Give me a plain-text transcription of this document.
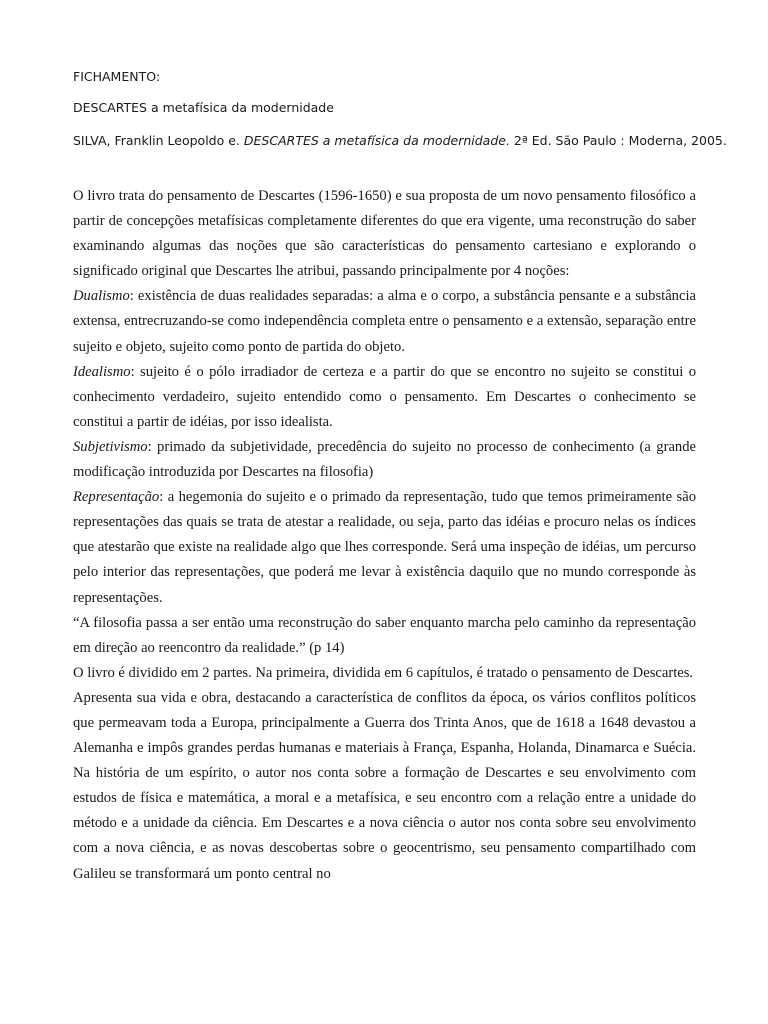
FICHAMENTO:

DESCARTES a metafísica da modernidade

SILVA, Franklin Leopoldo e. DESCARTES a metafísica da modernidade. 2ª Ed. São Paulo : Moderna, 2005.

O livro trata do pensamento de Descartes (1596-1650) e sua proposta de um novo pensamento filosófico a partir de concepções metafísicas completamente diferentes do que era vigente, uma reconstrução do saber examinando algumas das noções que são características do pensamento cartesiano e explorando o significado original que Descartes lhe atribui, passando principalmente por 4 noções:

Dualismo: existência de duas realidades separadas: a alma e o corpo, a substância pensante e a substância extensa, entrecruzando-se como independência completa entre o pensamento e a extensão, separação entre sujeito e objeto, sujeito como ponto de partida do objeto.

Idealismo: sujeito é o pólo irradiador de certeza e a partir do que se encontro no sujeito se constitui o conhecimento verdadeiro, sujeito entendido como o pensamento. Em Descartes o conhecimento se constitui a partir de idéias, por isso idealista.

Subjetivismo: primado da subjetividade, precedência do sujeito no processo de conhecimento (a grande modificação introduzida por Descartes na filosofia)

Representação: a hegemonia do sujeito e o primado da representação, tudo que temos primeiramente são representações das quais se trata de atestar a realidade, ou seja, parto das idéias e procuro nelas os índices que atestarão que existe na realidade algo que lhes corresponde. Será uma inspeção de idéias, um percurso pelo interior das representações, que poderá me levar à existência daquilo que no mundo corresponde às representações.

“A filosofia passa a ser então uma reconstrução do saber enquanto marcha pelo caminho da representação em direção ao reencontro da realidade.” (p 14)

O livro é dividido em 2 partes. Na primeira, dividida em 6 capítulos, é tratado o pensamento de Descartes.

Apresenta sua vida e obra, destacando a característica de conflitos da época, os vários conflitos políticos que permeavam toda a Europa, principalmente a Guerra dos Trinta Anos, que de 1618 a 1648 devastou a Alemanha e impôs grandes perdas humanas e materiais à França, Espanha, Holanda, Dinamarca e Suécia. Na história de um espírito, o autor nos conta sobre a formação de Descartes e seu envolvimento com estudos de física e matemática, a moral e a metafísica, e seu encontro com a relação entre a unidade do método e a unidade da ciência. Em Descartes e a nova ciência o autor nos conta sobre seu envolvimento com a nova ciência, e as novas descobertas sobre o geocentrismo, seu pensamento compartilhado com Galileu se transformará um ponto central no
